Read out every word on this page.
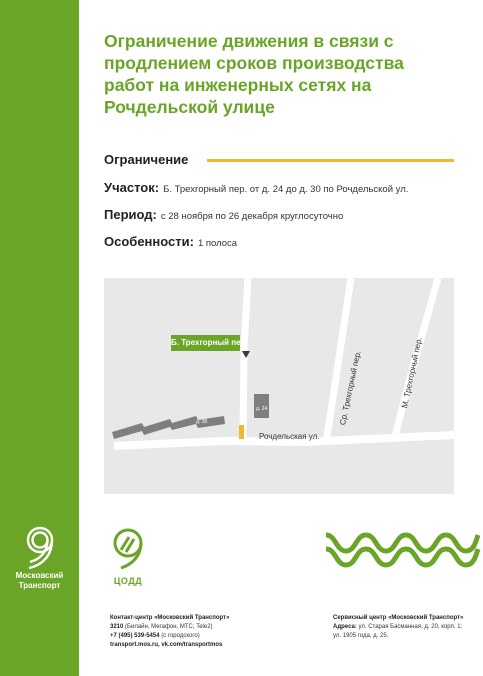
Московский
Транспорт
Ограничение движения в связи с продлением сроков производства работ на инженерных сетях на Рочдельской улице
Ограничение
Участок: Б. Трехгорный пер. от д. 24 до д. 30 по Рочдельской ул.
Период: с 28 ноября по 26 декабря круглосуточно
Особенности: 1 полоса
Б. Трехгорный пер.
д. 24
д. 30
Рочдельская ул.
Ср. Трехгорный пер.	М. Трехгорный пер.
ЦОДД
Контакт-центр «Московский Транспорт»
3210 (Билайн, Мегафон, МТС, Tele2)
+7 (495) 539-5454 (с городского)
transport.mos.ru, vk.com/transportmos
Сервисный центр «Московский Транспорт»
Адреса: ул. Старая Басманная, д. 20, корп. 1;
ул. 1905 года, д. 25.
